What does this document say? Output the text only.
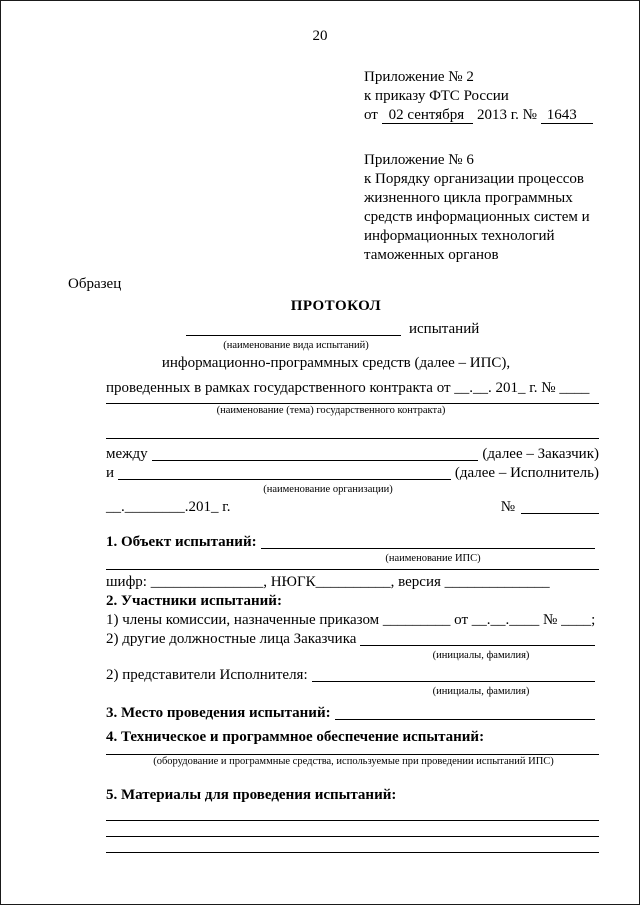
20
Приложение № 2
к приказу ФТС России
от 02 сентября 2013 г. № 1643
Приложение № 6
к Порядку организации процессов
жизненного цикла программных
средств информационных систем и
информационных технологий
таможенных органов
Образец
ПРОТОКОЛ
испытаний
(наименование вида испытаний)
информационно-программных средств (далее – ИПС),
проведенных в рамках государственного контракта от __.__. 201_ г. № ____
(наименование (тема) государственного контракта)
между	(далее – Заказчик)
и	(далее – Исполнитель)
(наименование организации)
__.________.201_ г.	№
1. Объект испытаний:
(наименование ИПС)
шифр: _______________, НЮГК__________, версия ______________
2. Участники испытаний:
1) члены комиссии, назначенные приказом _________ от __.__.____ № ____;
2) другие должностные лица Заказчика
(инициалы, фамилия)
2) представители Исполнителя:
(инициалы, фамилия)
3. Место проведения испытаний:
4. Техническое и программное обеспечение испытаний:
(оборудование и программные средства, используемые при проведении испытаний ИПС)
5. Материалы для проведения испытаний:
